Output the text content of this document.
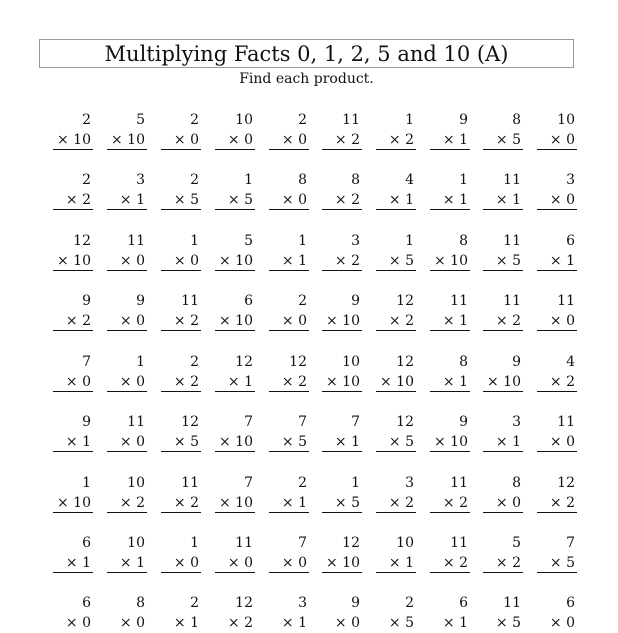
Multiplying Facts 0, 1, 2, 5 and 10 (A)
Find each product.
2
× 10
5
× 10
2
× 0
10
× 0
2
× 0
11
× 2
1
× 2
9
× 1
8
× 5
10
× 0
2
× 2
3
× 1
2
× 5
1
× 5
8
× 0
8
× 2
4
× 1
1
× 1
11
× 1
3
× 0
12
× 10
11
× 0
1
× 0
5
× 10
1
× 1
3
× 2
1
× 5
8
× 10
11
× 5
6
× 1
9
× 2
9
× 0
11
× 2
6
× 10
2
× 0
9
× 10
12
× 2
11
× 1
11
× 2
11
× 0
7
× 0
1
× 0
2
× 2
12
× 1
12
× 2
10
× 10
12
× 10
8
× 1
9
× 10
4
× 2
9
× 1
11
× 0
12
× 5
7
× 10
7
× 5
7
× 1
12
× 5
9
× 10
3
× 1
11
× 0
1
× 10
10
× 2
11
× 2
7
× 10
2
× 1
1
× 5
3
× 2
11
× 2
8
× 0
12
× 2
6
× 1
10
× 1
1
× 0
11
× 0
7
× 0
12
× 10
10
× 1
11
× 2
5
× 2
7
× 5
6
× 0
8
× 0
2
× 1
12
× 2
3
× 1
9
× 0
2
× 5
6
× 1
11
× 5
6
× 0
